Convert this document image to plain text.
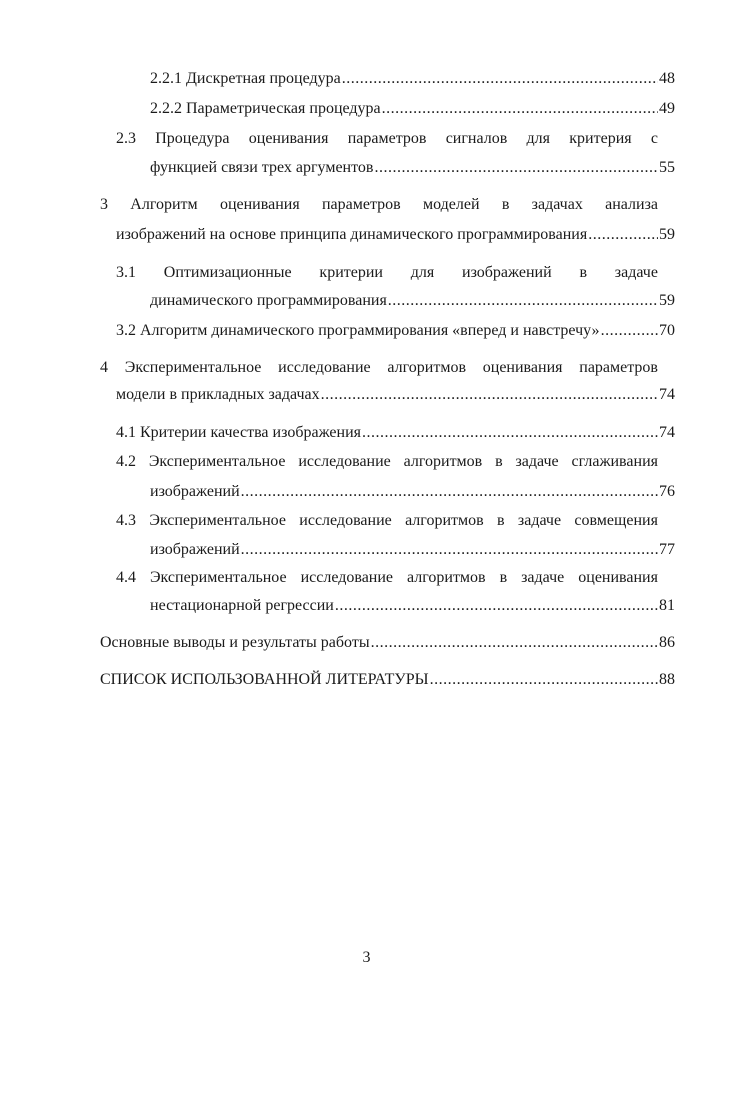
2.2.1 Дискретная процедура .....	48
2.2.2 Параметрическая процедура .....	49
2.3 Процедура оценивания параметров сигналов для критерия с
функцией связи трех аргументов .....	55
3 Алгоритм оценивания параметров моделей в задачах анализа
изображений на основе принципа динамического программирования .....	59
3.1 Оптимизационные критерии для изображений в задаче
динамического программирования .....	59
3.2 Алгоритм динамического программирования «вперед и навстречу» .....	70
4 Экспериментальное исследование алгоритмов оценивания параметров
модели в прикладных задачах .....	74
4.1 Критерии качества изображения .....	74
4.2 Экспериментальное исследование алгоритмов в задаче сглаживания
изображений .....	76
4.3 Экспериментальное исследование алгоритмов в задаче совмещения
изображений .....	77
4.4 Экспериментальное исследование алгоритмов в задаче оценивания
нестационарной регрессии .....	81
Основные выводы и результаты работы .....	86
СПИСОК ИСПОЛЬЗОВАННОЙ ЛИТЕРАТУРЫ .....	88
3
